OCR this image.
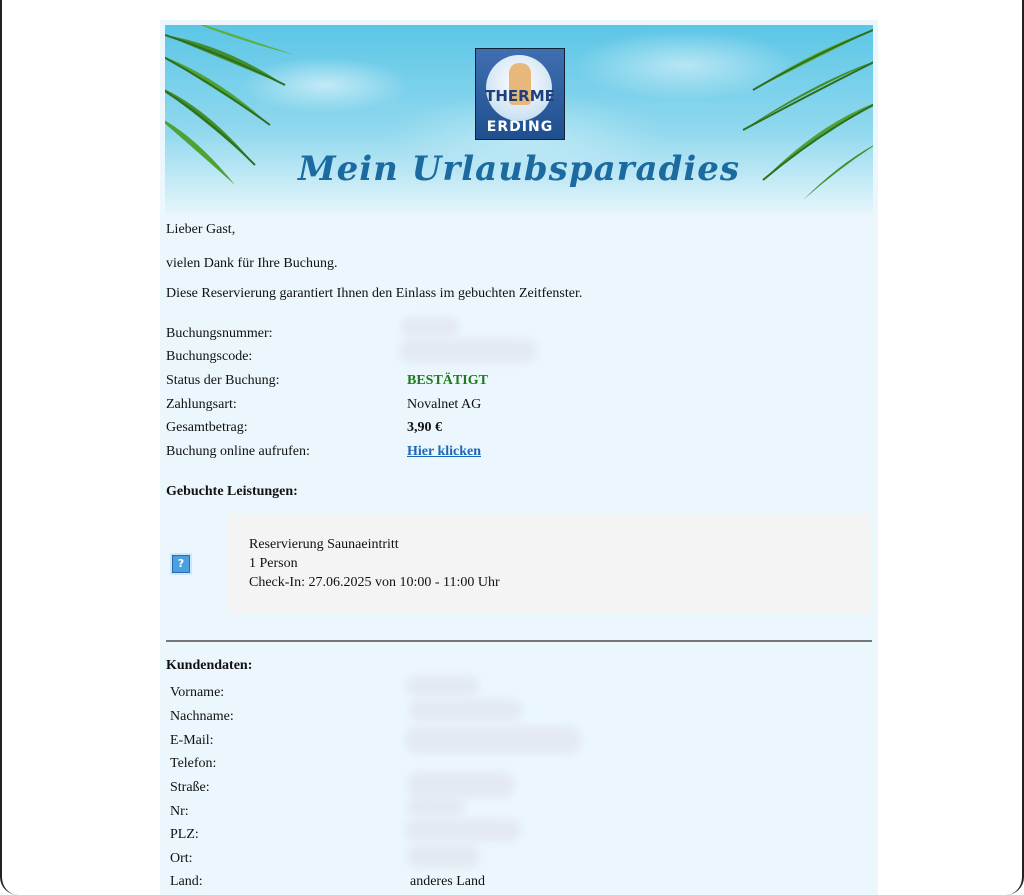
THERME
ERDING
Mein Urlaubsparadies
Lieber Gast,
vielen Dank für Ihre Buchung.
Diese Reservierung garantiert Ihnen den Einlass im gebuchten Zeitfenster.
Buchungsnummer:
Buchungscode:
Status der Buchung:	BESTÄTIGT
Zahlungsart:	Novalnet AG
Gesamtbetrag:	3,90 €
Buchung online aufrufen:	Hier klicken
Gebuchte Leistungen:
?
Reservierung Saunaeintritt
1 Person
Check-In: 27.06.2025 von 10:00 - 11:00 Uhr
Kundendaten:
Vorname:
Nachname:
E-Mail:
Telefon:
Straße:
Nr:
PLZ:
Ort:
Land:	anderes Land
